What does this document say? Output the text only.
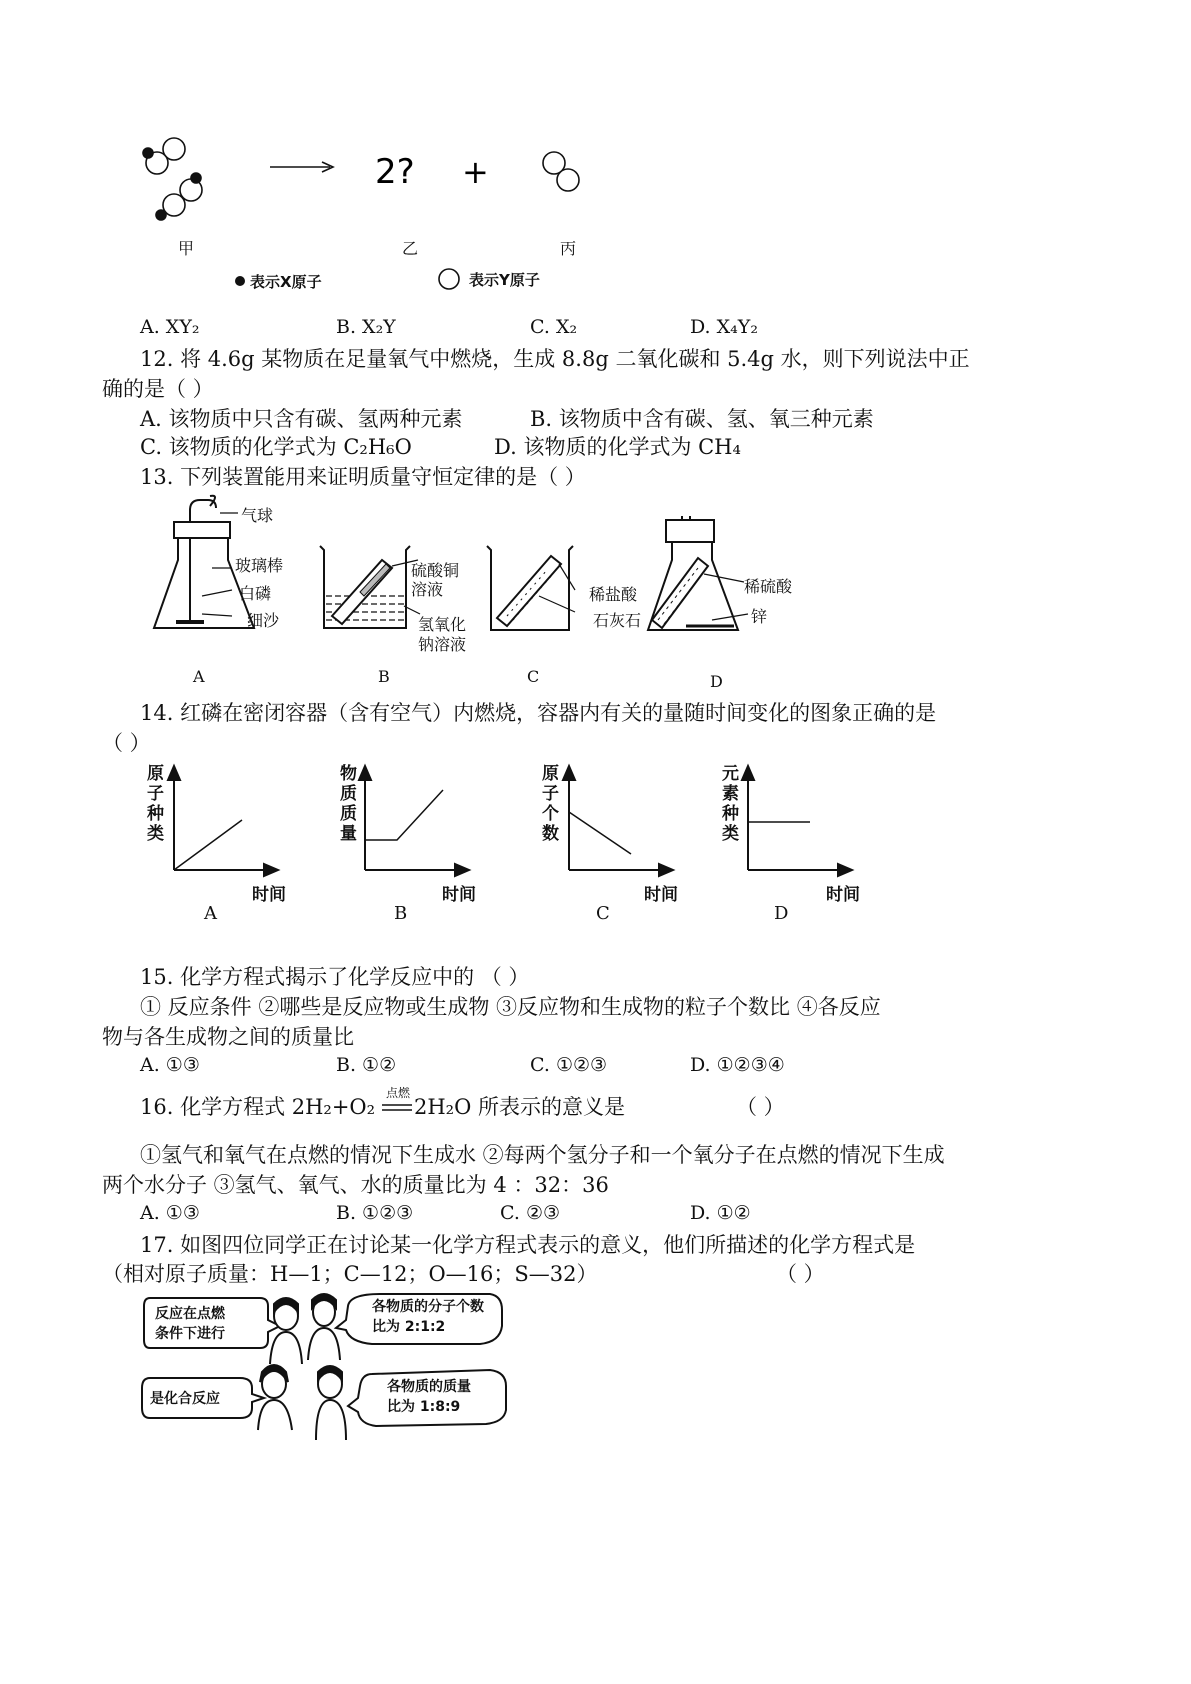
2? +
甲	乙	丙
表示X原子	表示Y原子
A. XY₂	B. X₂Y	C. X₂	D. X₄Y₂
12. 将 4.6g 某物质在足量氧气中燃烧，生成 8.8g 二氧化碳和 5.4g 水，则下列说法中正
确的是（ ）
A. 该物质中只含有碳、氢两种元素	B. 该物质中含有碳、氢、氧三种元素
C. 该物质的化学式为 C₂H₆O	D. 该物质的化学式为 CH₄
13. 下列装置能用来证明质量守恒定律的是（ ）
气球
玻璃棒
白磷
细沙
A
硫酸铜
溶液
氢氧化
钠溶液
B
稀盐酸
石灰石
C
稀硫酸
锌
D
14. 红磷在密闭容器（含有空气）内燃烧，容器内有关的量随时间变化的图象正确的是
（ ）
原子种类
物质质量
原子个数
元素种类
时间	时间	时间	时间
A	B	C	D
15. 化学方程式揭示了化学反应中的 （ ）
① 反应条件 ②哪些是反应物或生成物 ③反应物和生成物的粒子个数比 ④各反应
物与各生成物之间的质量比
A. ①③	B. ①②	C. ①②③	D. ①②③④
16. 化学方程式 2H₂+O₂
点燃
2H₂O 所表示的意义是	（ ）
①氢气和氧气在点燃的情况下生成水 ②每两个氢分子和一个氧分子在点燃的情况下生成
两个水分子 ③氢气、氧气、水的质量比为 4 ：32：36
A. ①③	B. ①②③	C. ②③	D. ①②
17. 如图四位同学正在讨论某一化学方程式表示的意义，他们所描述的化学方程式是
（相对原子质量：H—1；C—12；O—16；S—32）	（ ）
反应在点燃
条件下进行
各物质的分子个数
比为 2:1:2
是化合反应
各物质的质量
比为 1:8:9
